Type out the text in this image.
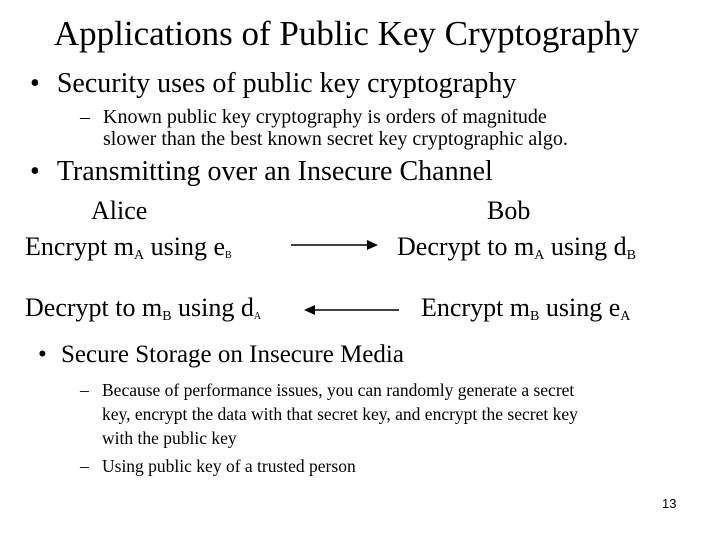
Applications of Public Key Cryptography
• Security uses of public key cryptography
– Known public key cryptography is orders of magnitude
slower than the best known secret key cryptographic algo.
• Transmitting over an Insecure Channel
Alice	Bob
Encrypt mA using eB	Decrypt to mA using dB
Decrypt to mB using dA	Encrypt mB using eA
• Secure Storage on Insecure Media
– Because of performance issues, you can randomly generate a secret
key, encrypt the data with that secret key, and encrypt the secret key
with the public key
– Using public key of a trusted person
13
